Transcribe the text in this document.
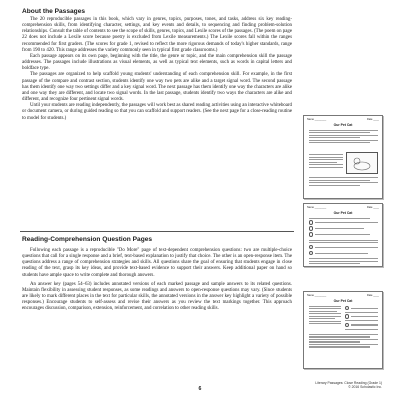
About the Passages

The 20 reproducible passages in this book, which vary in genres, topics, purposes, tones, and tasks, address six key reading-comprehension skills, from identifying character, settings, and key events and details, to sequencing and finding problem-solution relationships. Consult the table of contents to see the scope of skills, genres, topics, and Lexile scores of the passages. (The poem on page 22 does not include a Lexile score because poetry is excluded from Lexile measurements.) The Lexile scores fall within the ranges recommended for first graders. (The scores for grade 1, revised to reflect the more rigorous demands of today's higher standards, range from 190 to 420. This range addresses the variety commonly seen in typical first grade classrooms.)

Each passage appears on its own page, beginning with the title, the genre or topic, and the main comprehension skill the passage addresses. The passages include illustrations as visual elements, as well as typical text elements, such as words in capital letters and boldface type.

The passages are organized to help scaffold young students' understanding of each comprehension skill. For example, in the first passage of the compare and contrast section, students identify one way two pets are alike and a target signal word. The second passage has them identify one way two settings differ and a key signal word. The next passage has them identify one way the characters are alike and one way they are different, and locate two signal words. In the last passage, students identify two ways the characters are alike and different, and recognize four pertinent signal words.

Until your students are reading independently, the passages will work best as shared reading activities using an interactive whiteboard or document camera, or during guided reading so that you can scaffold and support readers. (See the next page for a close-reading routine to model for students.)

Reading-Comprehension Question Pages

Following each passage is a reproducible "Do More" page of text-dependent comprehension questions: two are multiple-choice questions that call for a single response and a brief, text-based explanation to justify that choice. The other is an open-response item. The questions address a range of comprehension strategies and skills. All questions share the goal of ensuring that students engage in close reading of the text, grasp its key ideas, and provide text-based evidence to support their answers. Keep additional paper on hand so students have ample space to write complete and thorough answers.

An answer key (pages 54–63) includes annotated versions of each marked passage and sample answers to its related questions. Maintain flexibility in assessing student responses, as some readings and answers to open-response questions may vary. (Since students are likely to mark different places in the text for particular skills, the annotated versions in the answer key highlight a variety of possible responses.) Encourage students to self-assess and revise their answers as you review the text markings together. This approach encourages discussion, comparison, extension, reinforcement, and correlation to other reading skills.

Name ________	Date ____
Our Pet Cat
Name ________	Date ____
Our Pet Cat
Name ________	Date ____
Our Pet Cat
6
Literary Passages: Close Reading (Grade 1)
© 2016 Scholastic Inc.
